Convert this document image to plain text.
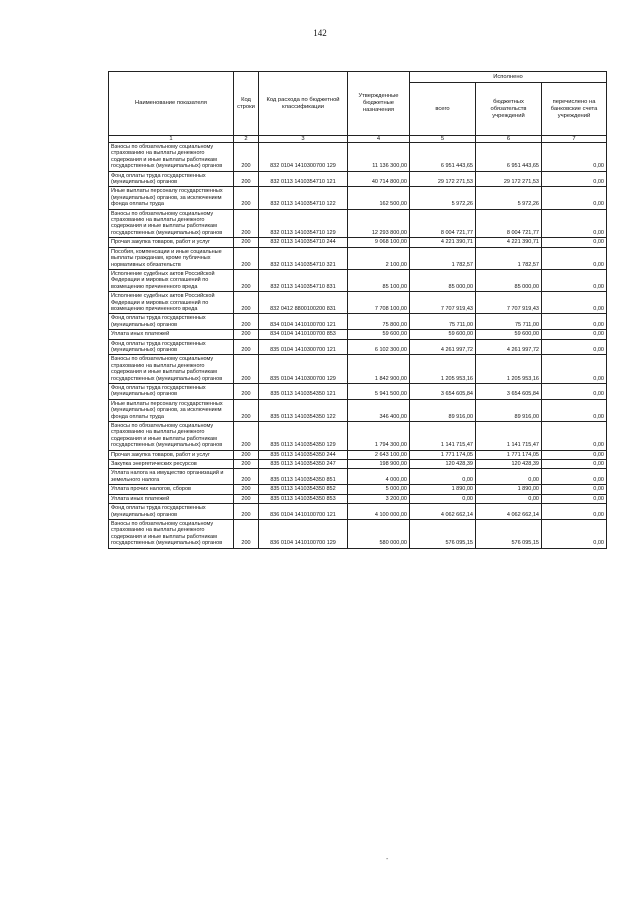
142
Наименование показателя	Код строки	Код расхода по бюджетной классификации	Утвержденные бюджетные назначения	Исполнено		
				всего	бюджетных обязательств учреждений	перечислено на банковские счета учреждений
1	2	3	4	5	6	7
Взносы по обязательному социальному страхованию на выплаты денежного содержания и иные выплаты работникам государственных (муниципальных) органов	200	832 0104 1410300700 129	11 136 300,00	6 951 443,65	6 951 443,65	0,00
Фонд оплаты труда государственных (муниципальных) органов	200	832 0113 1410354710 121	40 714 800,00	29 172 271,53	29 172 271,53	0,00
Иные выплаты персоналу государственных (муниципальных) органов, за исключением фонда оплаты труда	200	832 0113 1410354710 122	162 500,00	5 972,26	5 972,26	0,00
Взносы по обязательному социальному страхованию на выплаты денежного содержания и иные выплаты работникам государственных (муниципальных) органов	200	832 0113 1410354710 129	12 293 800,00	8 004 721,77	8 004 721,77	0,00
Прочая закупка товаров, работ и услуг	200	832 0113 1410354710 244	9 068 100,00	4 221 390,71	4 221 390,71	0,00
Пособия, компенсации и иные социальные выплаты гражданам, кроме публичных нормативных обязательств	200	832 0113 1410354710 321	2 100,00	1 782,57	1 782,57	0,00
Исполнение судебных актов Российской Федерации и мировых соглашений по возмещению причиненного вреда	200	832 0113 1410354710 831	85 100,00	85 000,00	85 000,00	0,00
Исполнение судебных актов Российской Федерации и мировых соглашений по возмещению причиненного вреда	200	832 0412 8800100200 831	7 708 100,00	7 707 919,43	7 707 919,43	0,00
Фонд оплаты труда государственных (муниципальных) органов	200	834 0104 1410100700 121	75 800,00	75 711,00	75 711,00	0,00
Уплата иных платежей	200	834 0104 1410100700 853	59 600,00	59 600,00	59 600,00	0,00
Фонд оплаты труда государственных (муниципальных) органов	200	835 0104 1410300700 121	6 102 300,00	4 261 997,72	4 261 997,72	0,00
Взносы по обязательному социальному страхованию на выплаты денежного содержания и иные выплаты работникам государственных (муниципальных) органов	200	835 0104 1410300700 129	1 842 900,00	1 205 953,16	1 205 953,16	0,00
Фонд оплаты труда государственных (муниципальных) органов	200	835 0113 1410354350 121	5 941 500,00	3 654 605,84	3 654 605,84	0,00
Иные выплаты персоналу государственных (муниципальных) органов, за исключением фонда оплаты труда	200	835 0113 1410354350 122	346 400,00	89 916,00	89 916,00	0,00
Взносы по обязательному социальному страхованию на выплаты денежного содержания и иные выплаты работникам государственных (муниципальных) органов	200	835 0113 1410354350 129	1 794 300,00	1 141 715,47	1 141 715,47	0,00
Прочая закупка товаров, работ и услуг	200	835 0113 1410354350 244	2 643 100,00	1 771 174,05	1 771 174,05	0,00
Закупка энергетических ресурсов	200	835 0113 1410354350 247	198 900,00	120 428,39	120 428,39	0,00
Уплата налога на имущество организаций и земельного налога	200	835 0113 1410354350 851	4 000,00	0,00	0,00	0,00
Уплата прочих налогов, сборов	200	835 0113 1410354350 852	5 000,00	1 890,00	1 890,00	0,00
Уплата иных платежей	200	835 0113 1410354350 853	3 200,00	0,00	0,00	0,00
Фонд оплаты труда государственных (муниципальных) органов	200	836 0104 1410100700 121	4 100 000,00	4 062 662,14	4 062 662,14	0,00
Взносы по обязательному социальному страхованию на выплаты денежного содержания и иные выплаты работникам государственных (муниципальных) органов	200	836 0104 1410100700 129	580 000,00	576 095,15	576 095,15	0,00
-
